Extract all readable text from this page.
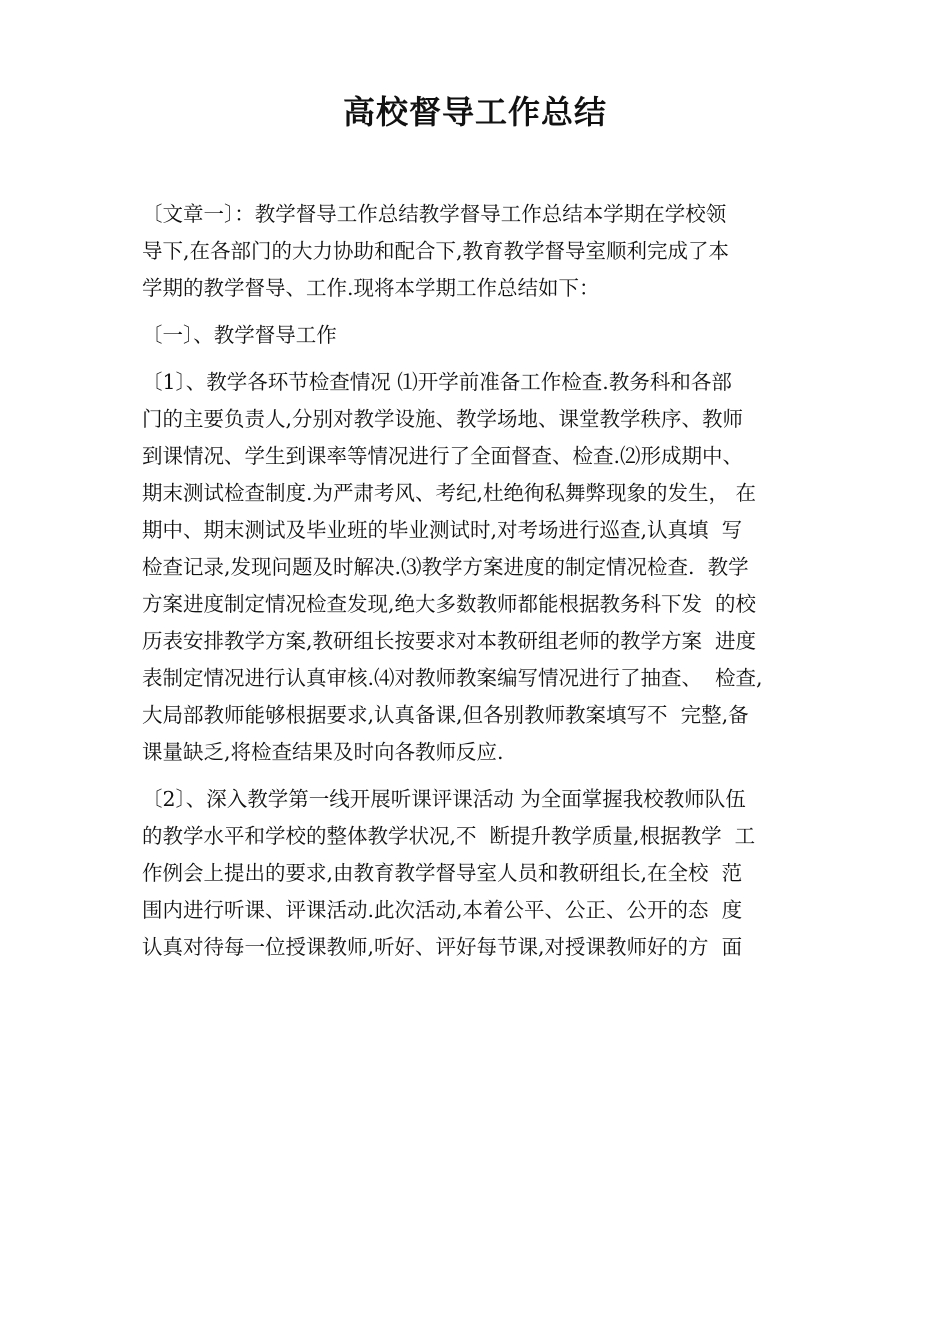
高校督导工作总结
〔文章一〕：教学督导工作总结教学督导工作总结本学期在学校领
导下,在各部门的大力协助和配合下,教育教学督导室顺利完成了本
学期的教学督导、工作.现将本学期工作总结如下：
〔一〕、教学督导工作
〔1〕、教学各环节检查情况 ⑴开学前准备工作检查.教务科和各部
门的主要负责人,分别对教学设施、教学场地、课堂教学秩序、教师
到课情况、学生到课率等情况进行了全面督查、检查.⑵形成期中、
期末测试检查制度.为严肃考风、考纪,杜绝徇私舞弊现象的发生， 在
期中、期末测试及毕业班的毕业测试时,对考场进行巡查,认真填  写
检查记录,发现问题及时解决.⑶教学方案进度的制定情况检查.  教学
方案进度制定情况检查发现,绝大多数教师都能根据教务科下发  的校
历表安排教学方案,教研组长按要求对本教研组老师的教学方案  进度
表制定情况进行认真审核.⑷对教师教案编写情况进行了抽查、  检查,
大局部教师能够根据要求,认真备课,但各别教师教案填写不  完整,备
课量缺乏,将检查结果及时向各教师反应.
〔2〕、深入教学第一线开展听课评课活动 为全面掌握我校教师队伍
的教学水平和学校的整体教学状况,不  断提升教学质量,根据教学  工
作例会上提出的要求,由教育教学督导室人员和教研组长,在全校  范
围内进行听课、评课活动.此次活动,本着公平、公正、公开的态  度
认真对待每一位授课教师,听好、评好每节课,对授课教师好的方  面
